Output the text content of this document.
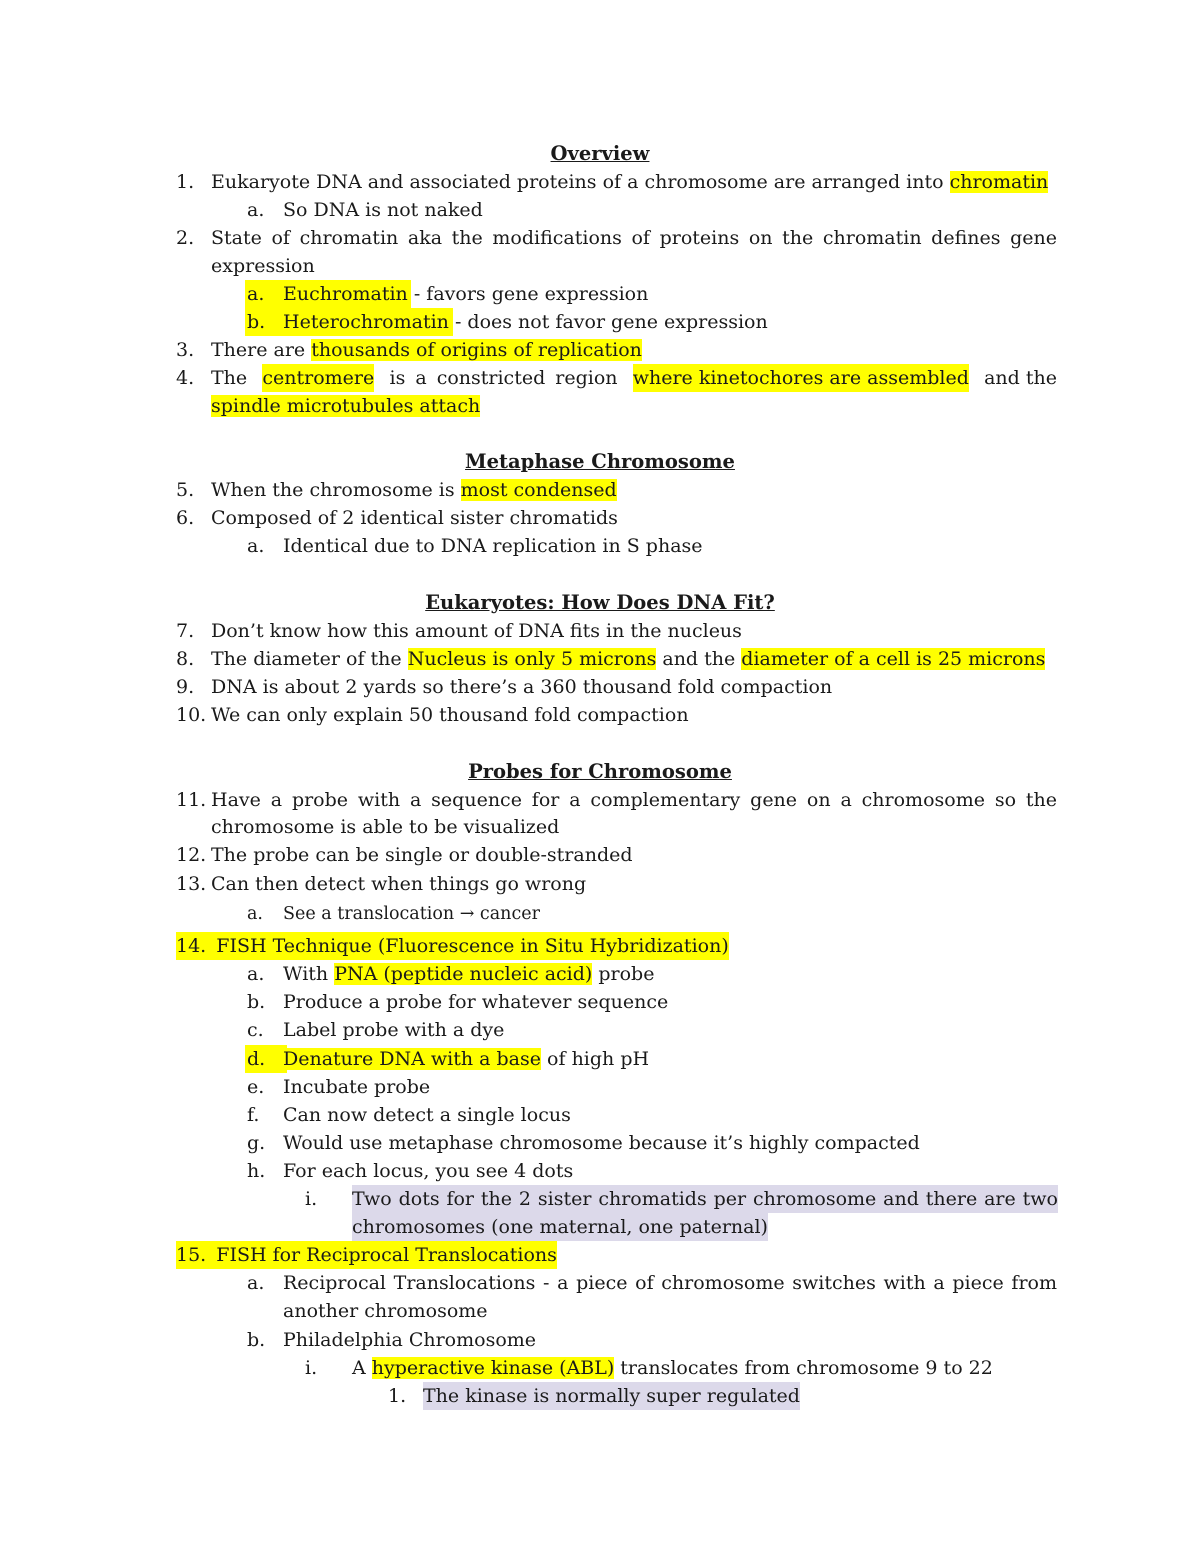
Overview
1. Eukaryote DNA and associated proteins of a chromosome are arranged into chromatin
a. So DNA is not naked
2. State of chromatin aka the modifications of proteins on the chromatin defines gene
expression
a. Euchromatin - favors gene expression
b. Heterochromatin - does not favor gene expression
3. There are thousands of origins of replication
4. The centromere is a constricted region where kinetochores are assembled and the
spindle microtubules attach
Metaphase Chromosome
5. When the chromosome is most condensed
6. Composed of 2 identical sister chromatids
a. Identical due to DNA replication in S phase
Eukaryotes: How Does DNA Fit?
7. Don’t know how this amount of DNA fits in the nucleus
8. The diameter of the Nucleus is only 5 microns and the diameter of a cell is 25 microns
9. DNA is about 2 yards so there’s a 360 thousand fold compaction
10. We can only explain 50 thousand fold compaction
Probes for Chromosome
11. Have a probe with a sequence for a complementary gene on a chromosome so the
chromosome is able to be visualized
12. The probe can be single or double-stranded
13. Can then detect when things go wrong
a. See a translocation → cancer
14. FISH Technique (Fluorescence in Situ Hybridization)
a. With PNA (peptide nucleic acid) probe
b. Produce a probe for whatever sequence
c. Label probe with a dye
d. Denature DNA with a base of high pH
e. Incubate probe
f. Can now detect a single locus
g. Would use metaphase chromosome because it’s highly compacted
h. For each locus, you see 4 dots
i. Two dots for the 2 sister chromatids per chromosome and there are two
chromosomes (one maternal, one paternal)
15. FISH for Reciprocal Translocations
a. Reciprocal Translocations - a piece of chromosome switches with a piece from
another chromosome
b. Philadelphia Chromosome
i. A hyperactive kinase (ABL) translocates from chromosome 9 to 22
1. The kinase is normally super regulated
